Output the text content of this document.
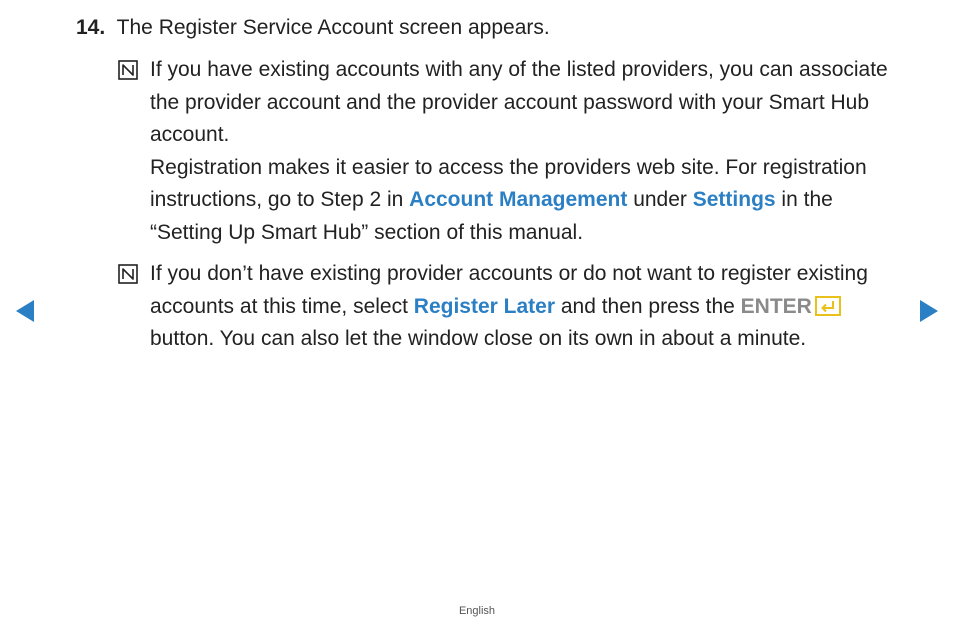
14. The Register Service Account screen appears.

If you have existing accounts with any of the listed providers, you can associate the provider account and the provider account password with your Smart Hub account.

Registration makes it easier to access the providers web site. For registration instructions, go to Step 2 in Account Management under Settings in the “Setting Up Smart Hub” section of this manual.

If you don’t have existing provider accounts or do not want to register existing accounts at this time, select Register Later and then press the ENTER button. You can also let the window close on its own in about a minute.

English
